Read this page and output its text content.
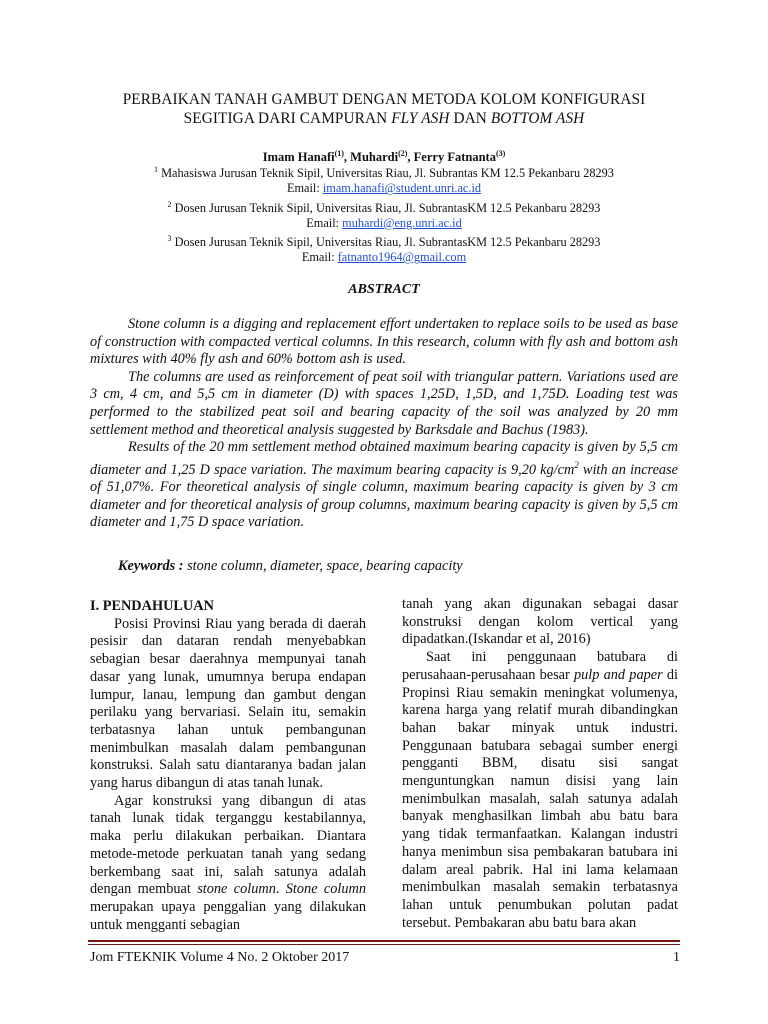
PERBAIKAN TANAH GAMBUT DENGAN METODA KOLOM KONFIGURASI
SEGITIGA DARI CAMPURAN FLY ASH DAN BOTTOM ASH
Imam Hanafi$^{(1)}$, Muhardi$^{(2)}$, Ferry Fatnanta$^{(3)}$
$^1$ Mahasiswa Jurusan Teknik Sipil, Universitas Riau, Jl. Subrantas KM 12.5 Pekanbaru 28293
Email: imam.hanafi@student.unri.ac.id
$^2$ Dosen Jurusan Teknik Sipil, Universitas Riau, Jl. SubrantasKM 12.5 Pekanbaru 28293
Email: muhardi@eng.unri.ac.id
$^3$ Dosen Jurusan Teknik Sipil, Universitas Riau, Jl. SubrantasKM 12.5 Pekanbaru 28293
Email: fatnanto1964@gmail.com
ABSTRACT

Stone column is a digging and replacement effort undertaken to replace soils to be used as base of construction with compacted vertical columns. In this research, column with fly ash and bottom ash mixtures with 40% fly ash and 60% bottom ash is used.

The columns are used as reinforcement of peat soil with triangular pattern. Variations used are 3 cm, 4 cm, and 5,5 cm in diameter (D) with spaces 1,25D, 1,5D, and 1,75D. Loading test was performed to the stabilized peat soil and bearing capacity of the soil was analyzed by 20 mm settlement method and theoretical analysis suggested by Barksdale and Bachus (1983).

Results of the 20 mm settlement method obtained maximum bearing capacity is given by 5,5 cm diameter and 1,25 D space variation. The maximum bearing capacity is 9,20 $kg/cm^2$ with an increase of 51,07%. For theoretical analysis of single column, maximum bearing capacity is given by 3 cm diameter and for theoretical analysis of group columns, maximum bearing capacity is given by 5,5 cm diameter and 1,75 D space variation.

Keywords : stone column, diameter, space, bearing capacity
I. PENDAHULUAN

Posisi Provinsi Riau yang berada di daerah pesisir dan dataran rendah menyebabkan sebagian besar daerahnya mempunyai tanah dasar yang lunak, umumnya berupa endapan lumpur, lanau, lempung dan gambut dengan perilaku yang bervariasi. Selain itu, semakin terbatasnya lahan untuk pembangunan menimbulkan masalah dalam pembangunan konstruksi. Salah satu diantaranya badan jalan yang harus dibangun di atas tanah lunak.

Agar konstruksi yang dibangun di atas tanah lunak tidak terganggu kestabilannya, maka perlu dilakukan perbaikan. Diantara metode-metode perkuatan tanah yang sedang berkembang saat ini, salah satunya adalah dengan membuat stone column. Stone column merupakan upaya penggalian yang dilakukan untuk mengganti sebagian

tanah yang akan digunakan sebagai dasar konstruksi dengan kolom vertical yang dipadatkan.(Iskandar et al, 2016)

Saat ini penggunaan batubara di perusahaan-perusahaan besar pulp and paper di Propinsi Riau semakin meningkat volumenya, karena harga yang relatif murah dibandingkan bahan bakar minyak untuk industri. Penggunaan batubara sebagai sumber energi pengganti BBM, disatu sisi sangat menguntungkan namun disisi yang lain menimbulkan masalah, salah satunya adalah banyak menghasilkan limbah abu batu bara yang tidak termanfaatkan. Kalangan industri hanya menimbun sisa pembakaran batubara ini dalam areal pabrik. Hal ini lama kelamaan menimbulkan masalah semakin terbatasnya lahan untuk penumbukan polutan padat tersebut. Pembakaran abu batu bara akan

Jom FTEKNIK Volume 4 No. 2 Oktober 2017	1
